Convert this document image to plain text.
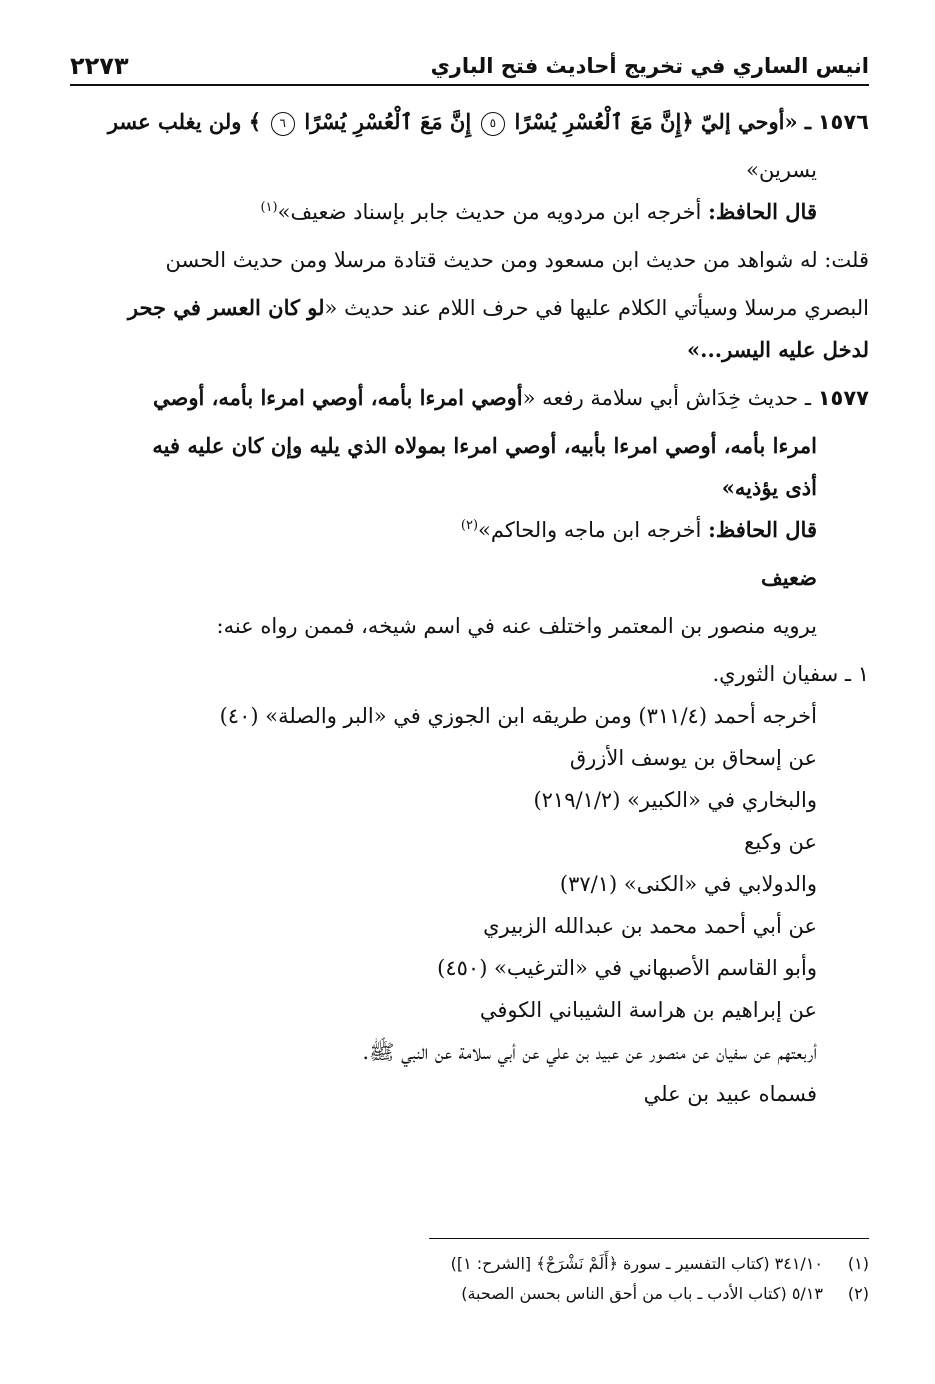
انيس الساري في تخريج أحاديث فتح الباري
٢٢٧٣
١٥٧٦ ـ «أوحي إليّ ﴿إِنَّ مَعَ ٱلْعُسْرِ يُسْرًا ٥ إِنَّ مَعَ ٱلْعُسْرِ يُسْرًا ٦ ﴾ ولن يغلب عسر
يسرين»
قال الحافظ: أخرجه ابن مردويه من حديث جابر بإسناد ضعيف»$^{(١)}$
قلت: له شواهد من حديث ابن مسعود ومن حديث قتادة مرسلا ومن حديث الحسن
البصري مرسلا وسيأتي الكلام عليها في حرف اللام عند حديث «لو كان العسر في جحر
لدخل عليه اليسر...»
١٥٧٧ ـ حديث خِدَاش أبي سلامة رفعه «أوصي امرءا بأمه، أوصي امرءا بأمه، أوصي
امرءا بأمه، أوصي امرءا بأبيه، أوصي امرءا بمولاه الذي يليه وإن كان عليه فيه
أذى يؤذيه»
قال الحافظ: أخرجه ابن ماجه والحاكم»$^{(٢)}$
ضعيف
يرويه منصور بن المعتمر واختلف عنه في اسم شيخه، فممن رواه عنه:
١ ـ سفيان الثوري.
أخرجه أحمد (٣١١/٤) ومن طريقه ابن الجوزي في «البر والصلة» (٤٠)
عن إسحاق بن يوسف الأزرق
والبخاري في «الكبير» (٢١٩/١/٢)
عن وكيع
والدولابي في «الكنى» (٣٧/١)
عن أبي أحمد محمد بن عبدالله الزبيري
وأبو القاسم الأصبهاني في «الترغيب» (٤٥٠)
عن إبراهيم بن هراسة الشيباني الكوفي
أربعتهم عن سفيان عن منصور عن عبيد بن علي عن أبي سلامة عن النبي ﷺ.
فسماه عبيد بن علي
(١)٣٤١/١٠ (كتاب التفسير ـ سورة ﴿أَلَمْ نَشْرَحْ﴾ [الشرح: ١])
(٢)٥/١٣ (كتاب الأدب ـ باب من أحق الناس بحسن الصحبة)
